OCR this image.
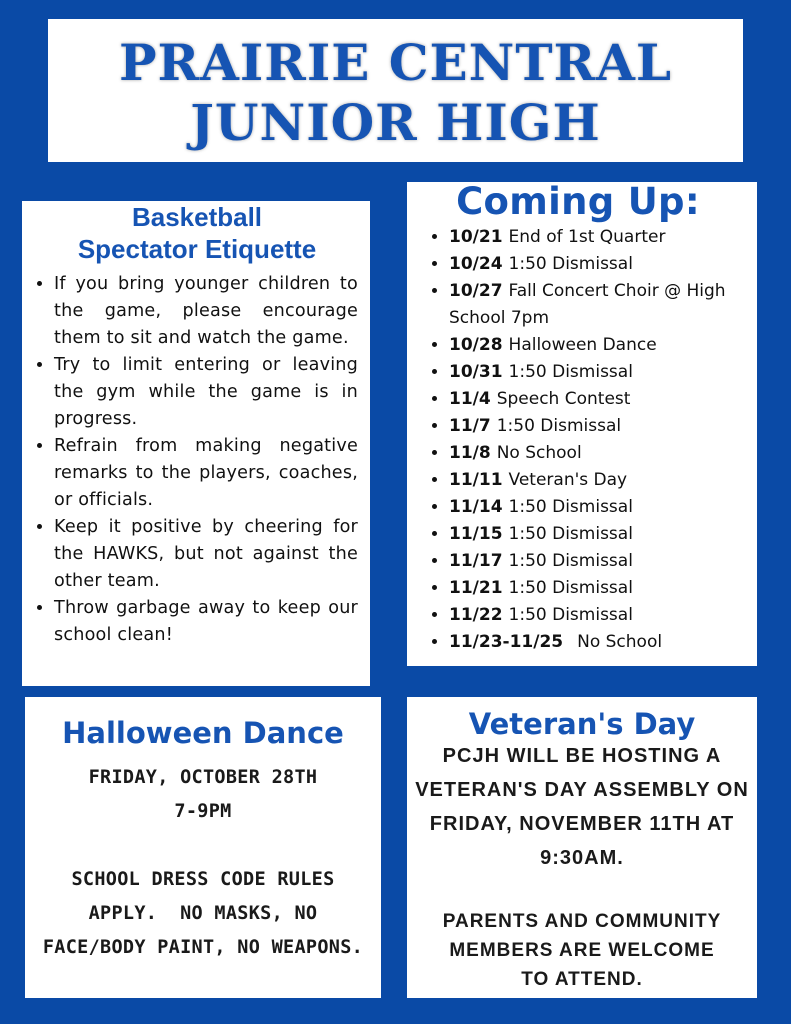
PRAIRIE CENTRAL
JUNIOR HIGH
Basketball
Spectator Etiquette
• If you bring younger children to the game, please encourage them to sit and watch the game.
• Try to limit entering or leaving the gym while the game is in progress.
• Refrain from making negative remarks to the players, coaches, or officials.
• Keep it positive by cheering for the HAWKS, but not against the other team.
• Throw garbage away to keep our school clean!
Coming Up:
• 10/21 End of 1st Quarter
• 10/24 1:50 Dismissal
• 10/27 Fall Concert Choir @ High School 7pm
• 10/28 Halloween Dance
• 10/31 1:50 Dismissal
• 11/4 Speech Contest
• 11/7 1:50 Dismissal
• 11/8 No School
• 11/11 Veteran's Day
• 11/14 1:50 Dismissal
• 11/15 1:50 Dismissal
• 11/17 1:50 Dismissal
• 11/21 1:50 Dismissal
• 11/22 1:50 Dismissal
• 11/23-11/25 No School
Halloween Dance
FRIDAY, OCTOBER 28TH
7-9PM
SCHOOL DRESS CODE RULES
APPLY.  NO MASKS, NO
FACE/BODY PAINT, NO WEAPONS.
Veteran's Day
PCJH WILL BE HOSTING A
VETERAN'S DAY ASSEMBLY ON
FRIDAY, NOVEMBER 11TH AT
9:30AM.
PARENTS AND COMMUNITY
MEMBERS ARE WELCOME
TO ATTEND.
